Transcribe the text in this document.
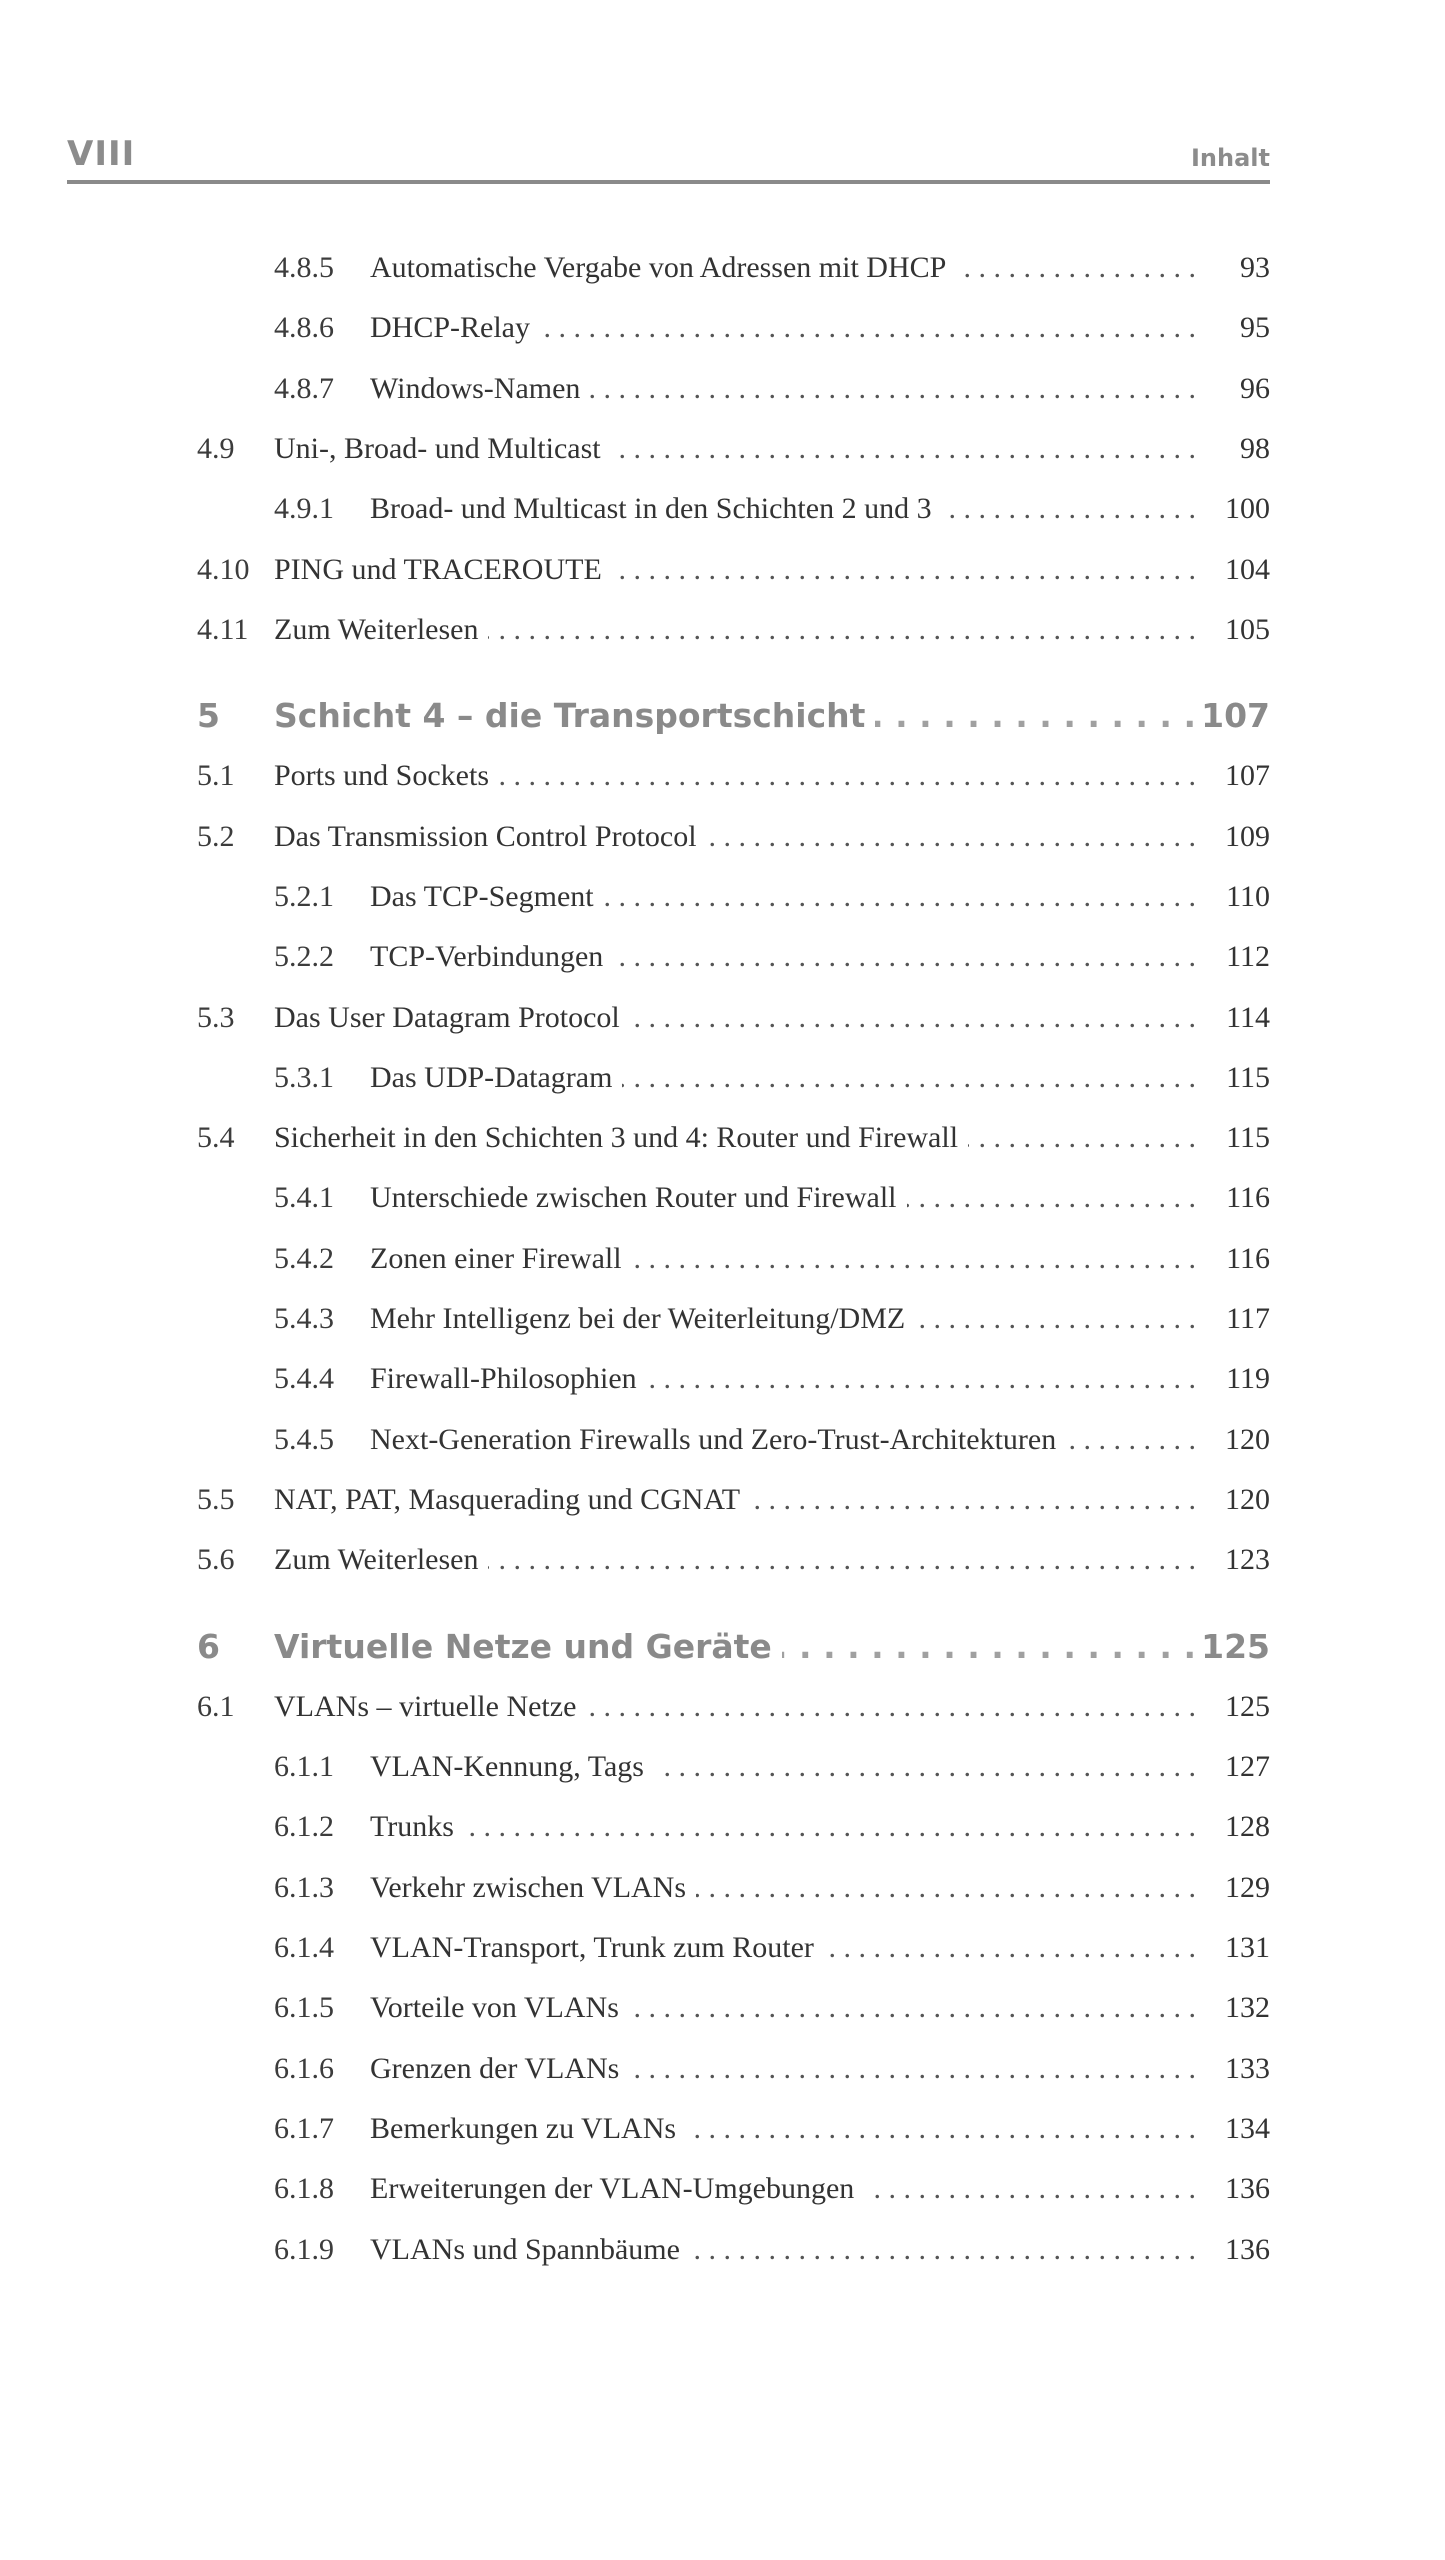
VIII	Inhalt
4.8.5 Automatische Vergabe von Adressen mit DHCP . . .	93
4.8.6 DHCP-Relay . . .	95
4.8.7 Windows-Namen . . .	96
4.9 Uni-, Broad- und Multicast . . .	98
4.9.1 Broad- und Multicast in den Schichten 2 und 3 . . .	100
4.10 PING und TRACEROUTE . . .	104
4.11 Zum Weiterlesen . . .	105
5 Schicht 4 – die Transportschicht . . .	107
5.1 Ports und Sockets . . .	107
5.2 Das Transmission Control Protocol . . .	109
5.2.1 Das TCP-Segment . . .	110
5.2.2 TCP-Verbindungen . . .	112
5.3 Das User Datagram Protocol . . .	114
5.3.1 Das UDP-Datagram . . .	115
5.4 Sicherheit in den Schichten 3 und 4: Router und Firewall . . .	115
5.4.1 Unterschiede zwischen Router und Firewall . . .	116
5.4.2 Zonen einer Firewall . . .	116
5.4.3 Mehr Intelligenz bei der Weiterleitung/DMZ . . .	117
5.4.4 Firewall-Philosophien . . .	119
5.4.5 Next-Generation Firewalls und Zero-Trust-Architekturen . . .	120
5.5 NAT, PAT, Masquerading und CGNAT . . .	120
5.6 Zum Weiterlesen . . .	123
6 Virtuelle Netze und Geräte . . .	125
6.1 VLANs – virtuelle Netze . . .	125
6.1.1 VLAN-Kennung, Tags . . .	127
6.1.2 Trunks . . .	128
6.1.3 Verkehr zwischen VLANs . . .	129
6.1.4 VLAN-Transport, Trunk zum Router . . .	131
6.1.5 Vorteile von VLANs . . .	132
6.1.6 Grenzen der VLANs . . .	133
6.1.7 Bemerkungen zu VLANs . . .	134
6.1.8 Erweiterungen der VLAN-Umgebungen . . .	136
6.1.9 VLANs und Spannbäume . . .	136
